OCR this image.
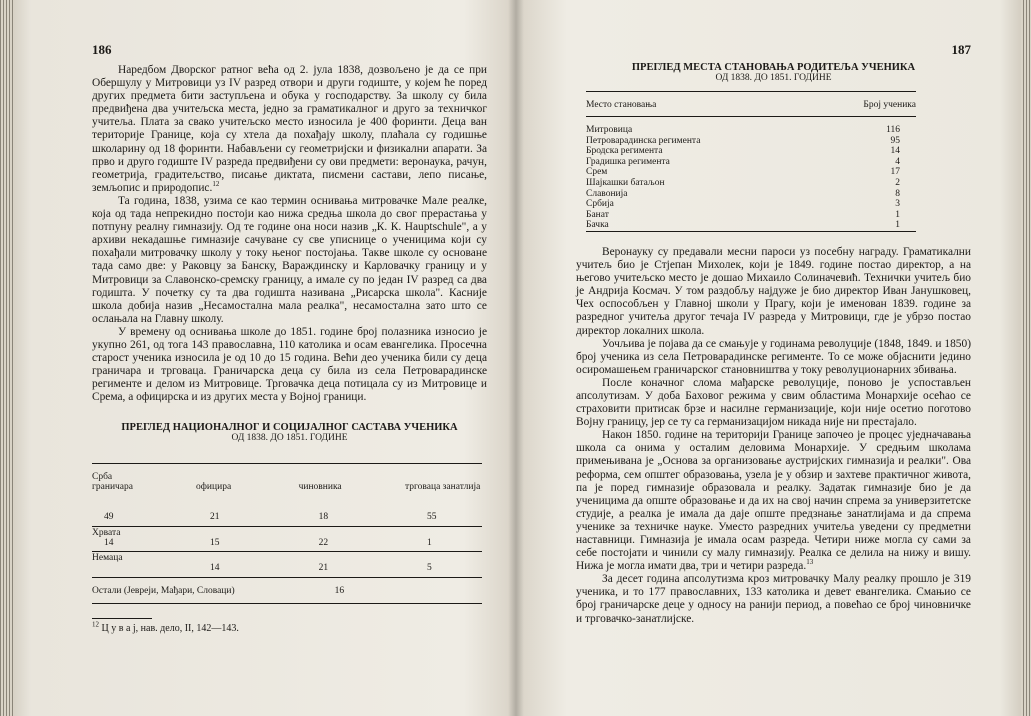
186

Наредбом Дворског ратног већа од 2. јула 1838, дозвољено је да се при Обершулу у Митровици уз IV разред отвори и други годиште, у којем ће поред других предмета бити заступљена и обука у господарству. За школу су била предвиђена два учитељска места, једно за граматикалног и друго за техничког учитеља. Плата за свако учитељско место износила је 400 форинти. Деца ван територије Границе, која су хтела да похађају школу, плаћала су годишње школарину од 18 форинти. Набављени су геометријски и физикални апарати. За прво и друго годиште IV разреда предвиђени су ови предмети: веронаука, рачун, геометрија, градитељство, писање диктата, писмени састави, лепо писање, земљопис и природопис.$^{12}$

Та година, 1838, узима се као термин оснивања митровачке Мале реалке, која од тада непрекидно постоји као нижа средња школа до свог прерастања у потпуну реалну гимназију. Од те године она носи назив „К. К. Hauptschule", а у архиви некадашње гимназије сачуване су све уписнице о ученицима који су похађали митровачку школу у току њеног постојања. Такве школе су основане тада само две: у Раковцу за Банску, Вараждинску и Карловачку границу и у Митровици за Славонско-сремску границу, а имале су по један IV разред са два годишта. У почетку су та два годишта називана „Рисарска школа". Касније школа добија назив „Несамостална мала реалка", несамостална зато што се ослањала на Главну школу.

У времену од оснивања школе до 1851. године број полазника износио је укупно 261, од тога 143 православна, 110 католика и осам евангелика. Просечна старост ученика износила је од 10 до 15 година. Већи део ученика били су деца граничара и трговаца. Граничарска деца су била из села Петроварадинске регименте и делом из Митровице. Трговачка деца потицала су из Митровице и Срема, а официрска и из других места у Војној граници.

ПРЕГЛЕД НАЦИОНАЛНОГ И СОЦИЈАЛНОГ САСТАВА УЧЕНИКА

ОД 1838. ДО 1851. ГОДИНЕ

Срба			
граничара	официра	чиновника	трговаца занатлија
49	21	18	55
Хрвата			
14	15	22	1
Немаца			
	14	21	5
Остали (Јевреји, Мађари, Словаци)		16	
$^{12}$ Ц у в а ј, нав. дело, II, 142—143.
187

ПРЕГЛЕД МЕСТА СТАНОВАЊА РОДИТЕЉА УЧЕНИКА

ОД 1838. ДО 1851. ГОДИНЕ

Место становања	Број ученика
Митровица	116
Петроварадинска регимента	95
Бродска регимента	14
Градишка регимента	4
Срем	17
Шајкашки батаљон	2
Славонија	8
Србија	3
Банат	1
Бачка	1

Веронауку су предавали месни пароси уз посебну награду. Граматикални учитељ био је Стјепан Михолек, који је 1849. године постао директор, а на његово учитељско место је дошао Михаило Солиначевић. Технички учитељ био је Андрија Космач. У том раздобљу најдуже је био директор Иван Јанушковец, Чех оспособљен у Главној школи у Прагу, који је именован 1839. године за разредног учитеља другог течаја IV разреда у Митровици, где је убрзо постао директор локалних школа.

Уочљива је појава да се смањује у годинама револуције (1848, 1849. и 1850) број ученика из села Петроварадинске регименте. То се може објаснити једино осиромашењем граничарског становништва у току револуционарних збивања.

После коначног слома мађарске револуције, поново је успостављен апсолутизам. У доба Баховог режима у свим областима Монархије осећао се страховити притисак брзе и насилне германизације, који није осетио поготово Војну границу, јер се ту са германизацијом никада није ни престајало.

Након 1850. године на територији Границе започео је процес уједначавања школа са онима у осталим деловима Монархије. У средњим школама примењивана је „Основа за организовање аустријских гимназија и реалки". Ова реформа, сем општег образовања, узела је у обзир и захтеве практичног живота, па је поред гимназије образовала и реалку. Задатак гимназије био је да ученицима да опште образовање и да их на свој начин спрема за универзитетске студије, а реалка је имала да даје опште предзнање занатлијама и да спрема ученике за техничке науке. Уместо разредних учитеља уведени су предметни наставници. Гимназија је имала осам разреда. Четири ниже могла су сами за себе постојати и чинили су малу гимназију. Реалка се делила на нижу и вишу. Нижа је могла имати два, три и четири разреда.$^{13}$

За десет година апсолутизма кроз митровачку Малу реалку прошло је 319 ученика, и то 177 православних, 133 католика и девет евангелика. Смањио се број граничарске деце у односу на ранији период, а повећао се број чиновничке и трговачко-занатлијске.
